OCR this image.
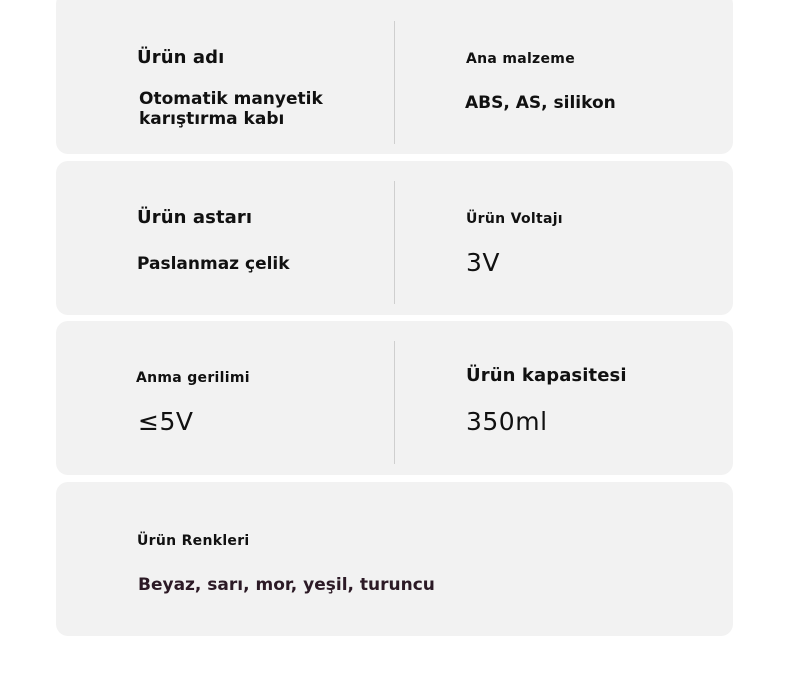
Ürün adı
Otomatik manyetik
karıştırma kabı
Ana malzeme
ABS, AS, silikon
Ürün astarı
Paslanmaz çelik
Ürün Voltajı
3V
Anma gerilimi
≤5V
Ürün kapasitesi
350ml
Ürün Renkleri
Beyaz, sarı, mor, yeşil, turuncu
